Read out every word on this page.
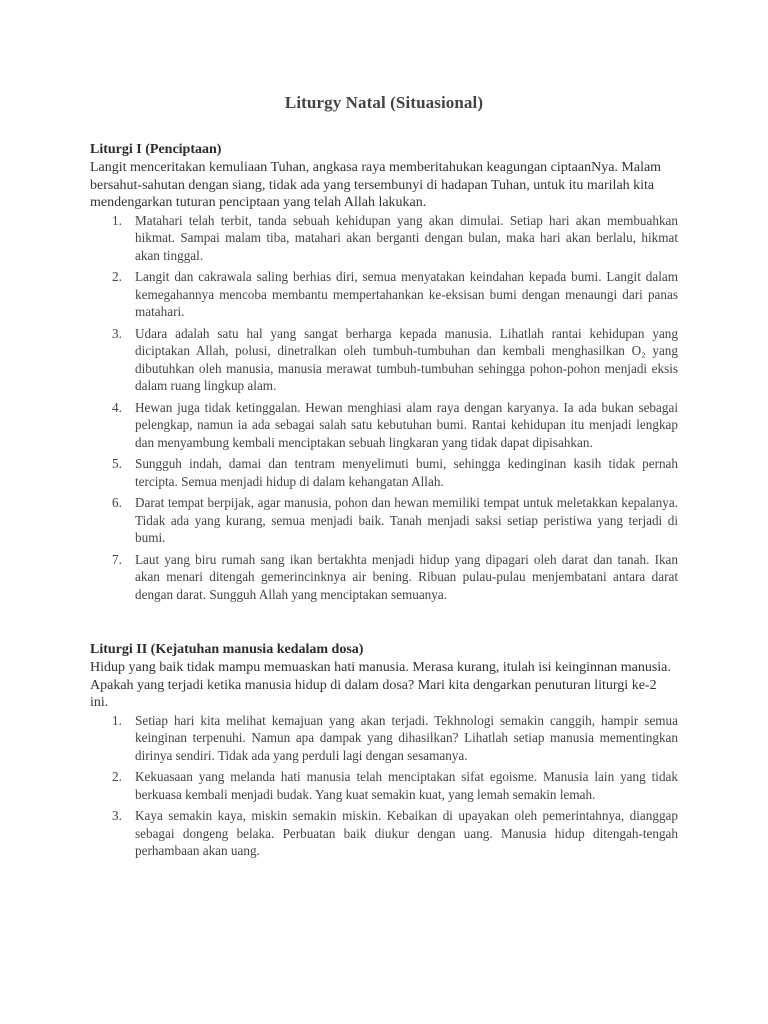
Liturgy Natal (Situasional)
Liturgi I (Penciptaan)

Langit menceritakan kemuliaan Tuhan, angkasa raya memberitahukan keagungan ciptaanNya. Malam bersahut-sahutan dengan siang, tidak ada yang tersembunyi di hadapan Tuhan, untuk itu marilah kita mendengarkan tuturan penciptaan yang telah Allah lakukan.

1. Matahari telah terbit, tanda sebuah kehidupan yang akan dimulai. Setiap hari akan membuahkan hikmat. Sampai malam tiba, matahari akan berganti dengan bulan, maka hari akan berlalu, hikmat akan tinggal.
2. Langit dan cakrawala saling berhias diri, semua menyatakan keindahan kepada bumi. Langit dalam kemegahannya mencoba membantu mempertahankan ke-eksisan bumi dengan menaungi dari panas matahari.
3. Udara adalah satu hal yang sangat berharga kepada manusia. Lihatlah rantai kehidupan yang diciptakan Allah, polusi, dinetralkan oleh tumbuh-tumbuhan dan kembali menghasilkan O₂ yang dibutuhkan oleh manusia, manusia merawat tumbuh-tumbuhan sehingga pohon-pohon menjadi eksis dalam ruang lingkup alam.
4. Hewan juga tidak ketinggalan. Hewan menghiasi alam raya dengan karyanya. Ia ada bukan sebagai pelengkap, namun ia ada sebagai salah satu kebutuhan bumi. Rantai kehidupan itu menjadi lengkap dan menyambung kembali menciptakan sebuah lingkaran yang tidak dapat dipisahkan.
5. Sungguh indah, damai dan tentram menyelimuti bumi, sehingga kedinginan kasih tidak pernah tercipta. Semua menjadi hidup di dalam kehangatan Allah.
6. Darat tempat berpijak, agar manusia, pohon dan hewan memiliki tempat untuk meletakkan kepalanya. Tidak ada yang kurang, semua menjadi baik. Tanah menjadi saksi setiap peristiwa yang terjadi di bumi.
7. Laut yang biru rumah sang ikan bertakhta menjadi hidup yang dipagari oleh darat dan tanah. Ikan akan menari ditengah gemerincinknya air bening. Ribuan pulau-pulau menjembatani antara darat dengan darat. Sungguh Allah yang menciptakan semuanya.
Liturgi II (Kejatuhan manusia kedalam dosa)

Hidup yang baik tidak mampu memuaskan hati manusia. Merasa kurang, itulah isi keinginnan manusia. Apakah yang terjadi ketika manusia hidup di dalam dosa? Mari kita dengarkan penuturan liturgi ke-2 ini.

1. Setiap hari kita melihat kemajuan yang akan terjadi. Tekhnologi semakin canggih, hampir semua keinginan terpenuhi. Namun apa dampak yang dihasilkan? Lihatlah setiap manusia mementingkan dirinya sendiri. Tidak ada yang perduli lagi dengan sesamanya.
2. Kekuasaan yang melanda hati manusia telah menciptakan sifat egoisme. Manusia lain yang tidak berkuasa kembali menjadi budak. Yang kuat semakin kuat, yang lemah semakin lemah.
3. Kaya semakin kaya, miskin semakin miskin. Kebaikan di upayakan oleh pemerintahnya, dianggap sebagai dongeng belaka. Perbuatan baik diukur dengan uang. Manusia hidup ditengah-tengah perhambaan akan uang.
